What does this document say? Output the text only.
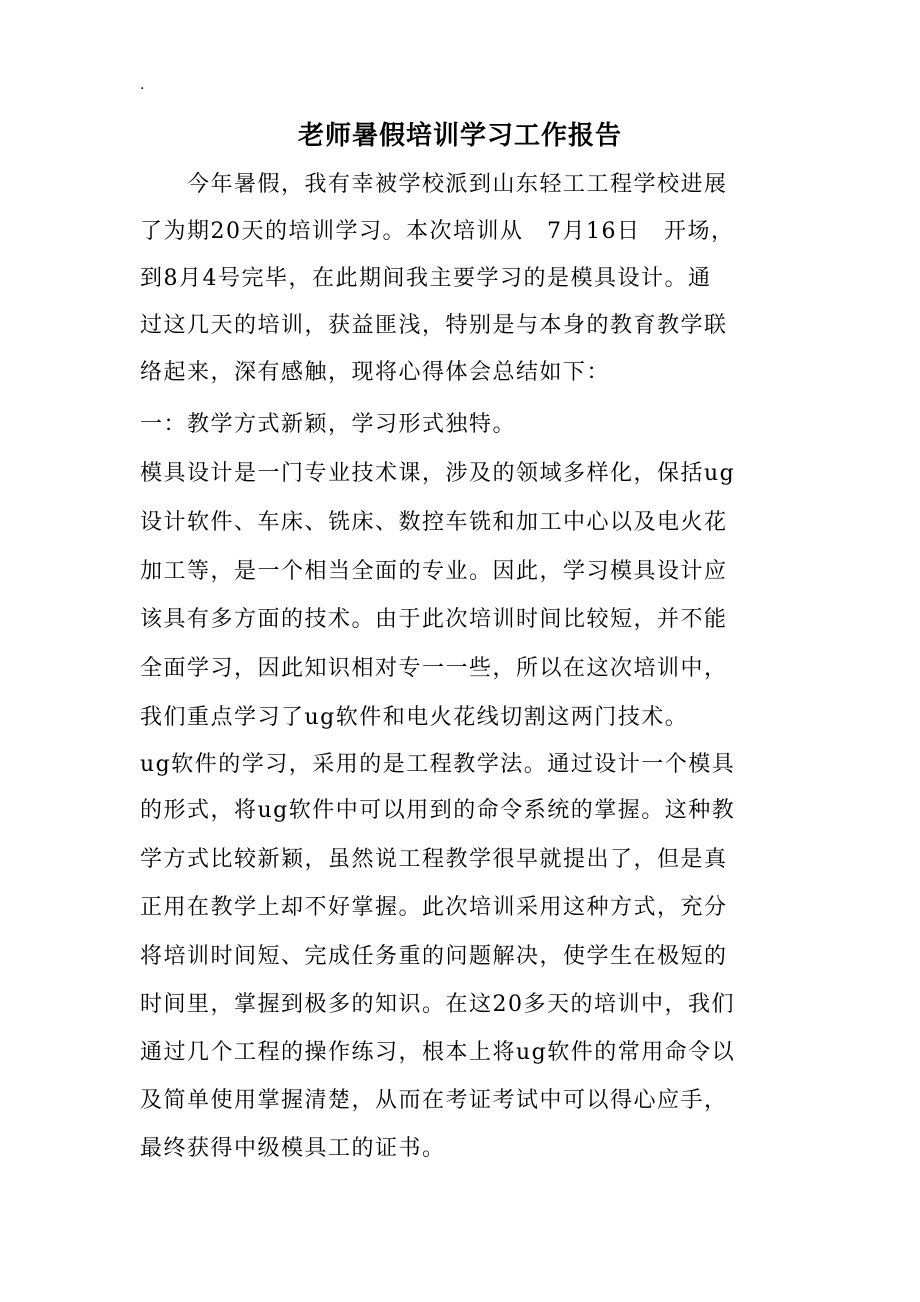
.
老师暑假培训学习工作报告
　　今年暑假，我有幸被学校派到山东轻工工程学校进展
了为期20天的培训学习。本次培训从　7月16日　开场，
到8月4号完毕，在此期间我主要学习的是模具设计。通
过这几天的培训，获益匪浅，特别是与本身的教育教学联
络起来，深有感触，现将心得体会总结如下：
一：教学方式新颖，学习形式独特。
模具设计是一门专业技术课，涉及的领域多样化，保括ug
设计软件、车床、铣床、数控车铣和加工中心以及电火花
加工等，是一个相当全面的专业。因此，学习模具设计应
该具有多方面的技术。由于此次培训时间比较短，并不能
全面学习，因此知识相对专一一些，所以在这次培训中，
我们重点学习了ug软件和电火花线切割这两门技术。
ug软件的学习，采用的是工程教学法。通过设计一个模具
的形式，将ug软件中可以用到的命令系统的掌握。这种教
学方式比较新颖，虽然说工程教学很早就提出了，但是真
正用在教学上却不好掌握。此次培训采用这种方式，充分
将培训时间短、完成任务重的问题解决，使学生在极短的
时间里，掌握到极多的知识。在这20多天的培训中，我们
通过几个工程的操作练习，根本上将ug软件的常用命令以
及简单使用掌握清楚，从而在考证考试中可以得心应手，
最终获得中级模具工的证书。
